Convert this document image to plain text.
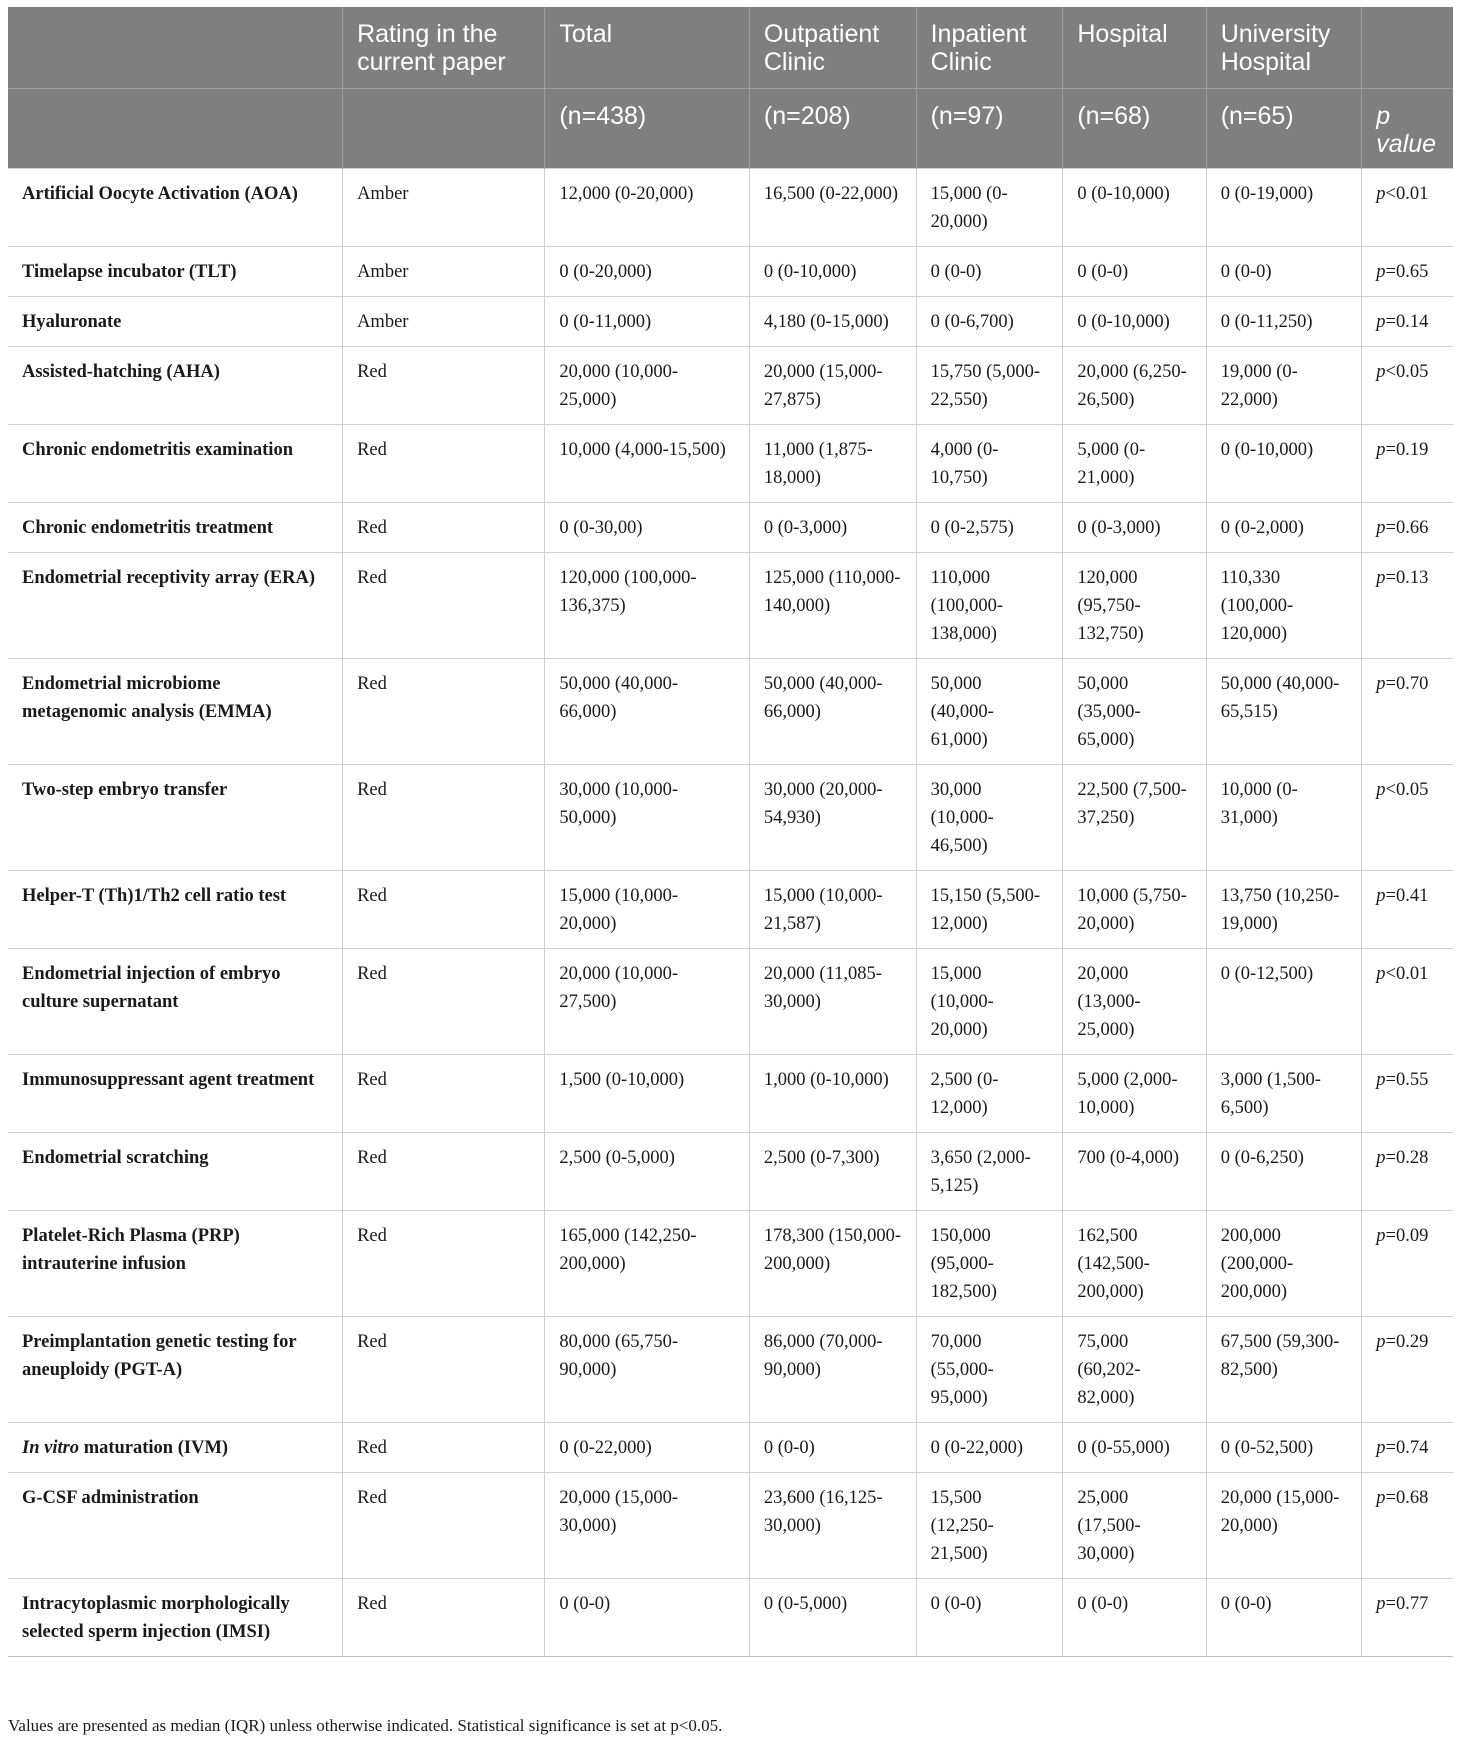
	Rating in the current paper	Total	Outpatient Clinic	Inpatient Clinic	Hospital	University Hospital	
		(n=438)	(n=208)	(n=97)	(n=68)	(n=65)	p value
Artificial Oocyte Activation (AOA)	Amber	12,000 (0-20,000)	16,500 (0-22,000)	15,000 (0-20,000)	0 (0-10,000)	0 (0-19,000)	p<0.01
Timelapse incubator (TLT)	Amber	0 (0-20,000)	0 (0-10,000)	0 (0-0)	0 (0-0)	0 (0-0)	p=0.65
Hyaluronate	Amber	0 (0-11,000)	4,180 (0-15,000)	0 (0-6,700)	0 (0-10,000)	0 (0-11,250)	p=0.14
Assisted-hatching (AHA)	Red	20,000 (10,000-25,000)	20,000 (15,000-27,875)	15,750 (5,000-22,550)	20,000 (6,250-26,500)	19,000 (0-22,000)	p<0.05
Chronic endometritis examination	Red	10,000 (4,000-15,500)	11,000 (1,875-18,000)	4,000 (0-10,750)	5,000 (0-21,000)	0 (0-10,000)	p=0.19
Chronic endometritis treatment	Red	0 (0-30,00)	0 (0-3,000)	0 (0-2,575)	0 (0-3,000)	0 (0-2,000)	p=0.66
Endometrial receptivity array (ERA)	Red	120,000 (100,000-136,375)	125,000 (110,000-140,000)	110,000 (100,000-138,000)	120,000 (95,750-132,750)	110,330 (100,000-120,000)	p=0.13
Endometrial microbiome metagenomic analysis (EMMA)	Red	50,000 (40,000-66,000)	50,000 (40,000-66,000)	50,000 (40,000-61,000)	50,000 (35,000-65,000)	50,000 (40,000-65,515)	p=0.70
Two-step embryo transfer	Red	30,000 (10,000-50,000)	30,000 (20,000-54,930)	30,000 (10,000-46,500)	22,500 (7,500-37,250)	10,000 (0-31,000)	p<0.05
Helper-T (Th)1/Th2 cell ratio test	Red	15,000 (10,000-20,000)	15,000 (10,000-21,587)	15,150 (5,500-12,000)	10,000 (5,750-20,000)	13,750 (10,250-19,000)	p=0.41
Endometrial injection of embryo culture supernatant	Red	20,000 (10,000-27,500)	20,000 (11,085-30,000)	15,000 (10,000-20,000)	20,000 (13,000-25,000)	0 (0-12,500)	p<0.01
Immunosuppressant agent treatment	Red	1,500 (0-10,000)	1,000 (0-10,000)	2,500 (0-12,000)	5,000 (2,000-10,000)	3,000 (1,500-6,500)	p=0.55
Endometrial scratching	Red	2,500 (0-5,000)	2,500 (0-7,300)	3,650 (2,000-5,125)	700 (0-4,000)	0 (0-6,250)	p=0.28
Platelet-Rich Plasma (PRP) intrauterine infusion	Red	165,000 (142,250-200,000)	178,300 (150,000-200,000)	150,000 (95,000-182,500)	162,500 (142,500-200,000)	200,000 (200,000-200,000)	p=0.09
Preimplantation genetic testing for aneuploidy (PGT-A)	Red	80,000 (65,750-90,000)	86,000 (70,000-90,000)	70,000 (55,000-95,000)	75,000 (60,202-82,000)	67,500 (59,300-82,500)	p=0.29
In vitro maturation (IVM)	Red	0 (0-22,000)	0 (0-0)	0 (0-22,000)	0 (0-55,000)	0 (0-52,500)	p=0.74
G-CSF administration	Red	20,000 (15,000-30,000)	23,600 (16,125-30,000)	15,500 (12,250-21,500)	25,000 (17,500-30,000)	20,000 (15,000-20,000)	p=0.68
Intracytoplasmic morphologically selected sperm injection (IMSI)	Red	0 (0-0)	0 (0-5,000)	0 (0-0)	0 (0-0)	0 (0-0)	p=0.77
Values are presented as median (IQR) unless otherwise indicated. Statistical significance is set at p<0.05.
